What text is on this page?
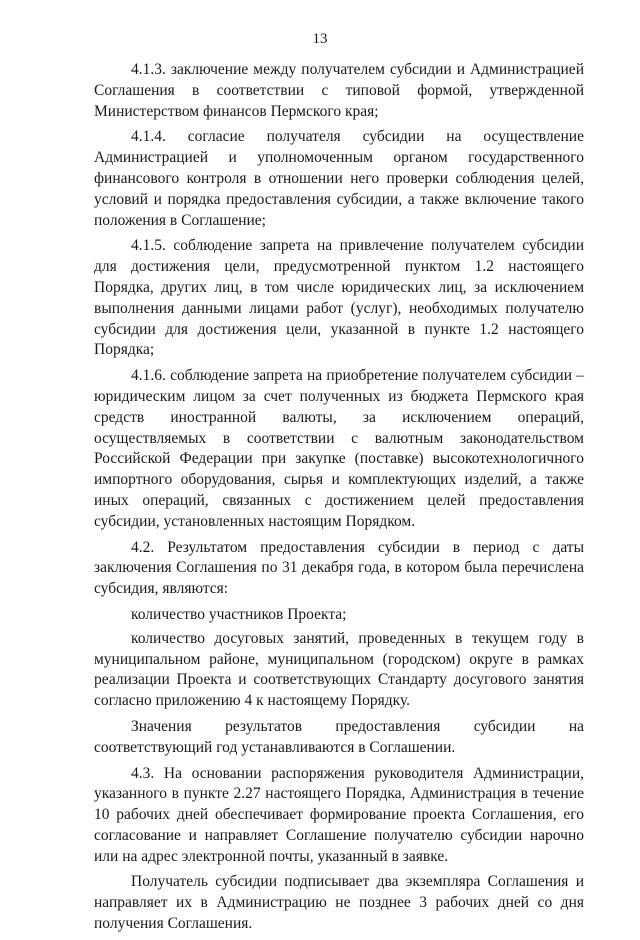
13

4.1.3. заключение между получателем субсидии и Администрацией Соглашения в соответствии с типовой формой, утвержденной Министерством финансов Пермского края;

4.1.4. согласие получателя субсидии на осуществление Администрацией и уполномоченным органом государственного финансового контроля в отношении него проверки соблюдения целей, условий и порядка предоставления субсидии, а также включение такого положения в Соглашение;

4.1.5. соблюдение запрета на привлечение получателем субсидии для достижения цели, предусмотренной пунктом 1.2 настоящего Порядка, других лиц, в том числе юридических лиц, за исключением выполнения данными лицами работ (услуг), необходимых получателю субсидии для достижения цели, указанной в пункте 1.2 настоящего Порядка;

4.1.6. соблюдение запрета на приобретение получателем субсидии – юридическим лицом за счет полученных из бюджета Пермского края средств иностранной валюты, за исключением операций, осуществляемых в соответствии с валютным законодательством Российской Федерации при закупке (поставке) высокотехнологичного импортного оборудования, сырья и комплектующих изделий, а также иных операций, связанных с достижением целей предоставления субсидии, установленных настоящим Порядком.

4.2. Результатом предоставления субсидии в период с даты заключения Соглашения по 31 декабря года, в котором была перечислена субсидия, являются:

количество участников Проекта;

количество досуговых занятий, проведенных в текущем году в муниципальном районе, муниципальном (городском) округе в рамках реализации Проекта и соответствующих Стандарту досугового занятия согласно приложению 4 к настоящему Порядку.

Значения результатов предоставления субсидии на соответствующий год устанавливаются в Соглашении.

4.3. На основании распоряжения руководителя Администрации, указанного в пункте 2.27 настоящего Порядка, Администрация в течение 10 рабочих дней обеспечивает формирование проекта Соглашения, его согласование и направляет Соглашение получателю субсидии нарочно или на адрес электронной почты, указанный в заявке.

Получатель субсидии подписывает два экземпляра Соглашения и направляет их в Администрацию не позднее 3 рабочих дней со дня получения Соглашения.
